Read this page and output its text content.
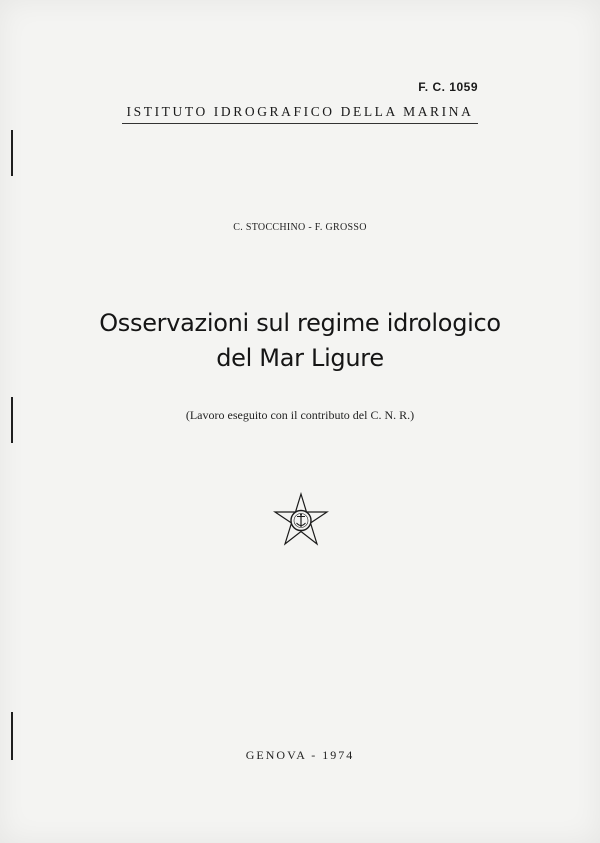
F. C. 1059
ISTITUTO IDROGRAFICO DELLA MARINA
C. STOCCHINO - F. GROSSO
Osservazioni sul regime idrologico
del Mar Ligure
(Lavoro eseguito con il contributo del C. N. R.)
GENOVA - 1974
